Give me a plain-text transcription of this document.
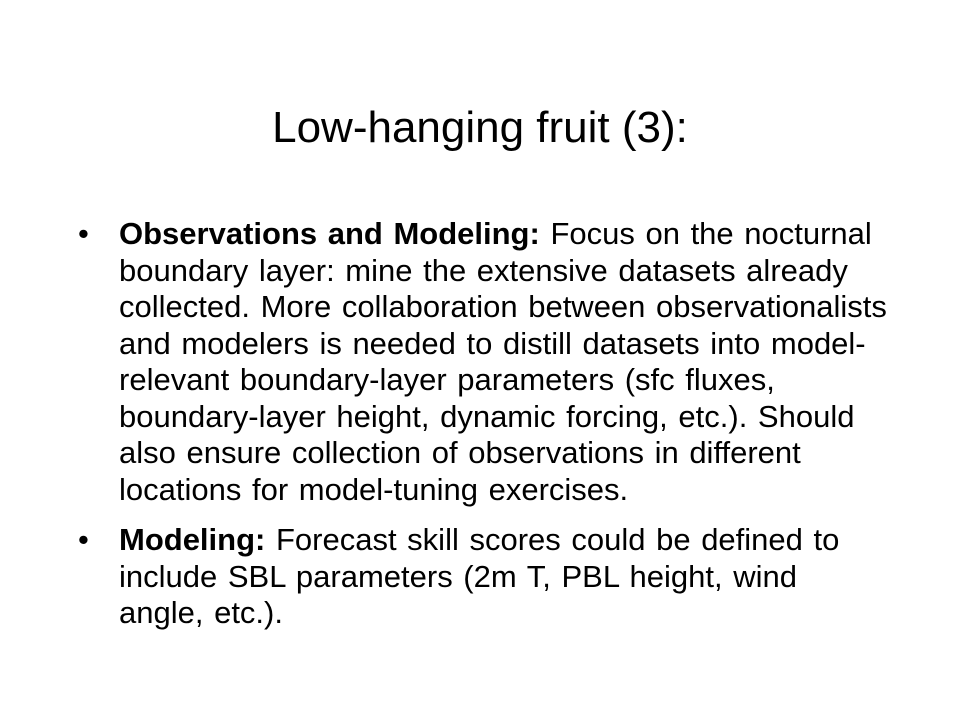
Low-hanging fruit (3):
• Observations and Modeling: Focus on the nocturnal boundary layer: mine the extensive datasets already collected. More collaboration between observationalists and modelers is needed to distill datasets into model-relevant boundary-layer parameters (sfc fluxes, boundary-layer height, dynamic forcing, etc.). Should also ensure collection of observations in different locations for model-tuning exercises.
• Modeling: Forecast skill scores could be defined to include SBL parameters (2m T, PBL height, wind angle, etc.).
